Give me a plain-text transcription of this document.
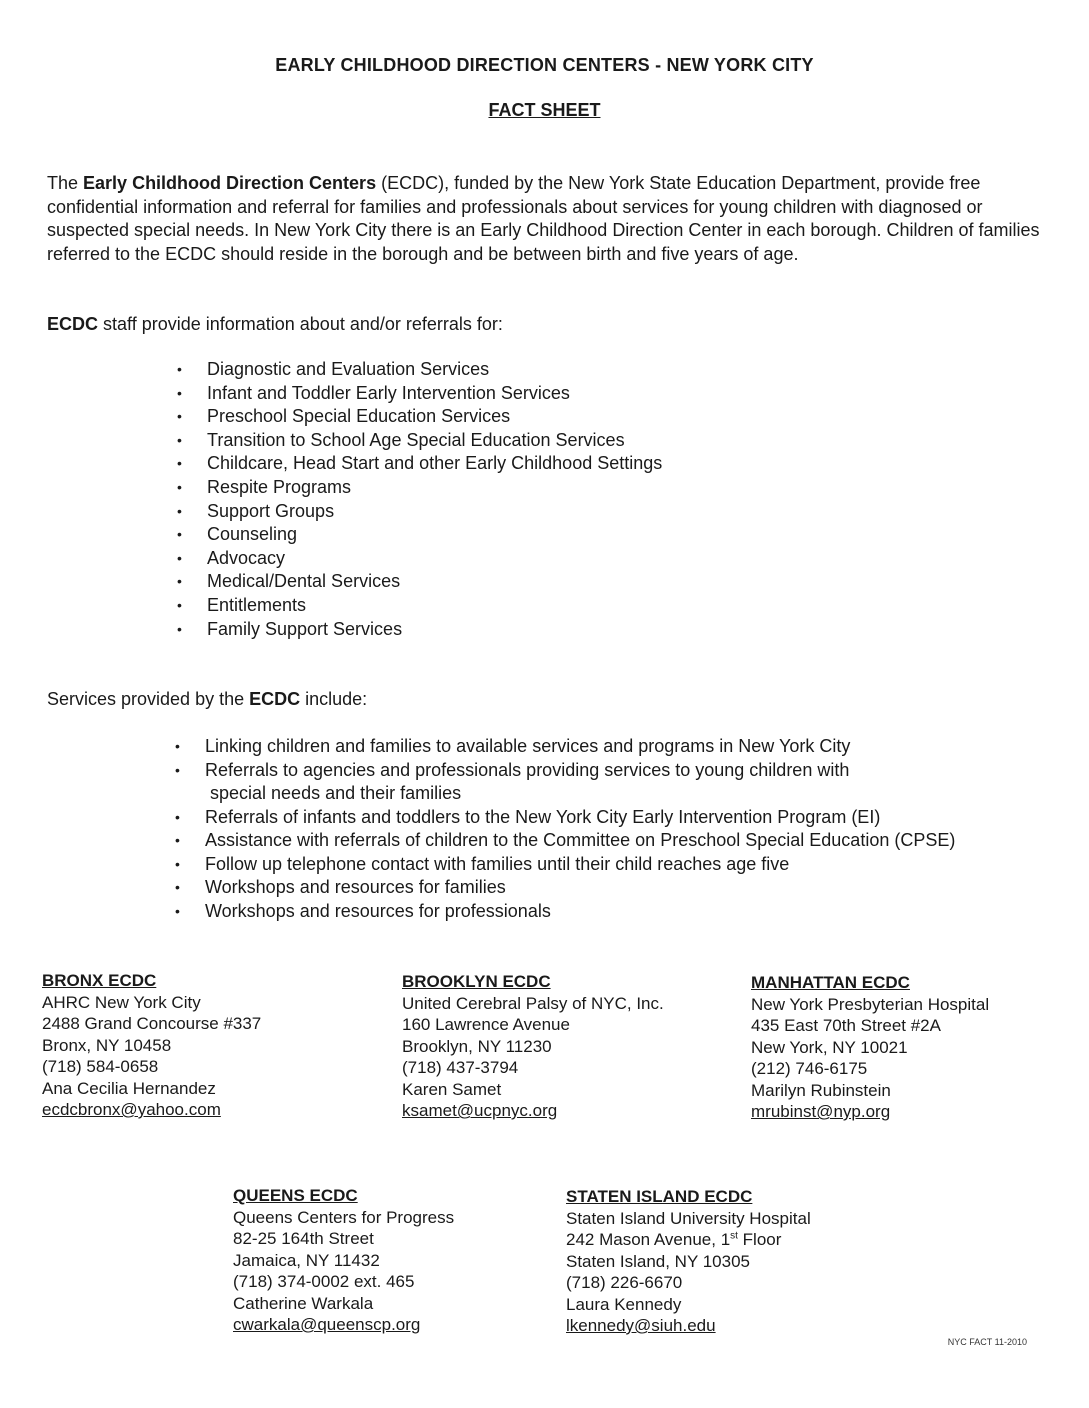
EARLY CHILDHOOD DIRECTION CENTERS - NEW YORK CITY
FACT SHEET
The Early Childhood Direction Centers (ECDC), funded by the New York State Education Department, provide free confidential information and referral for families and professionals about services for young children with diagnosed or suspected special needs. In New York City there is an Early Childhood Direction Center in each borough. Children of families referred to the ECDC should reside in the borough and be between birth and five years of age.
ECDC staff provide information about and/or referrals for:
• Diagnostic and Evaluation Services
• Infant and Toddler Early Intervention Services
• Preschool Special Education Services
• Transition to School Age Special Education Services
• Childcare, Head Start and other Early Childhood Settings
• Respite Programs
• Support Groups
• Counseling
• Advocacy
• Medical/Dental Services
• Entitlements
• Family Support Services
Services provided by the ECDC include:
• Linking children and families to available services and programs in New York City
• Referrals to agencies and professionals providing services to young children with
special needs and their families
• Referrals of infants and toddlers to the New York City Early Intervention Program (EI)
• Assistance with referrals of children to the Committee on Preschool Special Education (CPSE)
• Follow up telephone contact with families until their child reaches age five
• Workshops and resources for families
• Workshops and resources for professionals
BRONX ECDC
AHRC New York City
2488 Grand Concourse #337
Bronx, NY 10458
(718) 584-0658
Ana Cecilia Hernandez
ecdcbronx@yahoo.com
BROOKLYN ECDC
United Cerebral Palsy of NYC, Inc.
160 Lawrence Avenue
Brooklyn, NY 11230
(718) 437-3794
Karen Samet
ksamet@ucpnyc.org
MANHATTAN ECDC
New York Presbyterian Hospital
435 East 70th Street #2A
New York, NY 10021
(212) 746-6175
Marilyn Rubinstein
mrubinst@nyp.org
QUEENS ECDC
Queens Centers for Progress
82-25 164th Street
Jamaica, NY 11432
(718) 374-0002 ext. 465
Catherine Warkala
cwarkala@queenscp.org
STATEN ISLAND ECDC
Staten Island University Hospital
242 Mason Avenue, 1st Floor
Staten Island, NY 10305
(718) 226-6670
Laura Kennedy
lkennedy@siuh.edu
NYC FACT 11-2010
